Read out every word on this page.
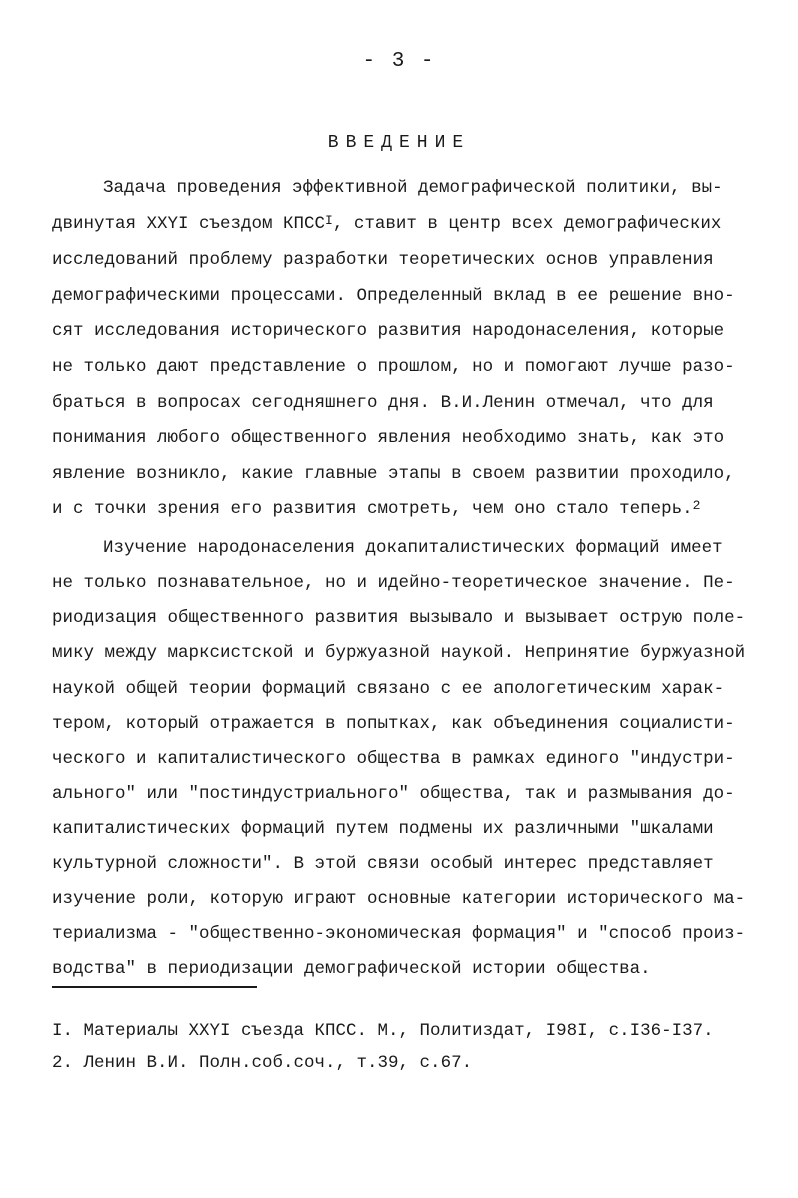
- 3 -
ВВЕДЕНИЕ
Задача проведения эффективной демографической политики, вы-
двинутая XXYI съездом $КПСС^I$, ставит в центр всех демографических
исследований проблему разработки теоретических основ управления
демографическими процессами. Определенный вклад в ее решение вно-
сят исследования исторического развития народонаселения, которые
не только дают представление о прошлом, но и помогают лучше разо-
браться в вопросах сегодняшнего дня. В.И.Ленин отмечал, что для
понимания любого общественного явления необходимо знать, как это
явление возникло, какие главные этапы в своем развитии проходило,
и с точки зрения его развития смотреть, чем оно стало теперь.$^2$
Изучение народонаселения докапиталистических формаций имеет
не только познавательное, но и идейно-теоретическое значение. Пе-
риодизация общественного развития вызывало и вызывает острую поле-
мику между марксистской и буржуазной наукой. Непринятие буржуазной
наукой общей теории формаций связано с ее апологетическим харак-
тером, который отражается в попытках, как объединения социалисти-
ческого и капиталистического общества в рамках единого "индустри-
ального" или "постиндустриального" общества, так и размывания до-
капиталистических формаций путем подмены их различными "шкалами
культурной сложности". В этой связи особый интерес представляет
изучение роли, которую играют основные категории исторического ма-
териализма - "общественно-экономическая формация" и "способ произ-
водства" в периодизации демографической истории общества.
I. Материалы XXYI съезда КПСС. М., Политиздат, I98I, с.I36-I37.
2. Ленин В.И. Полн.соб.соч., т.39, с.67.
